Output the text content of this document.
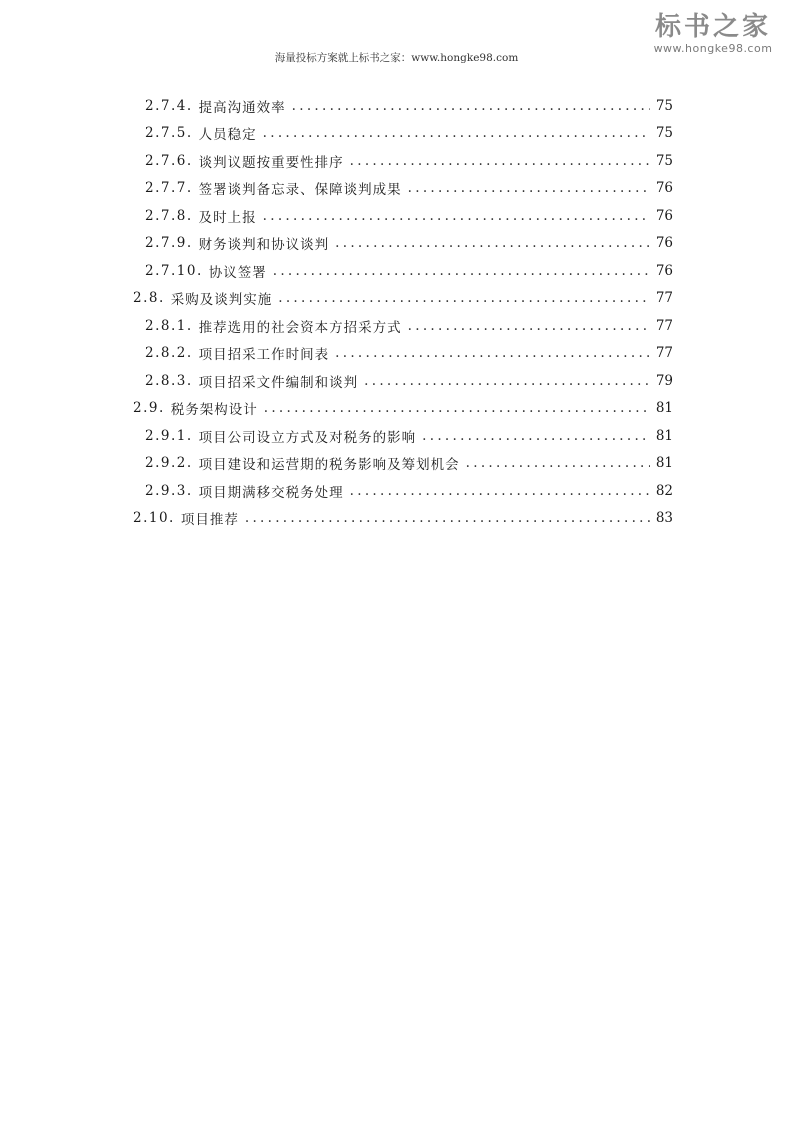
海量投标方案就上标书之家：www.hongke98.com
标书之家
www.hongke98.com
2.7.4. 提高沟通效率 . . .	75
2.7.5. 人员稳定 . . .	75
2.7.6. 谈判议题按重要性排序 . . .	75
2.7.7. 签署谈判备忘录、保障谈判成果 . . .	76
2.7.8. 及时上报 . . .	76
2.7.9. 财务谈判和协议谈判 . . .	76
2.7.10. 协议签署 . . .	76
2.8. 采购及谈判实施 . . .	77
2.8.1. 推荐选用的社会资本方招采方式 . . .	77
2.8.2. 项目招采工作时间表 . . .	77
2.8.3. 项目招采文件编制和谈判 . . .	79
2.9. 税务架构设计 . . .	81
2.9.1. 项目公司设立方式及对税务的影响 . . .	81
2.9.2. 项目建设和运营期的税务影响及筹划机会 . . .	81
2.9.3. 项目期满移交税务处理 . . .	82
2.10. 项目推荐 . . .	83
